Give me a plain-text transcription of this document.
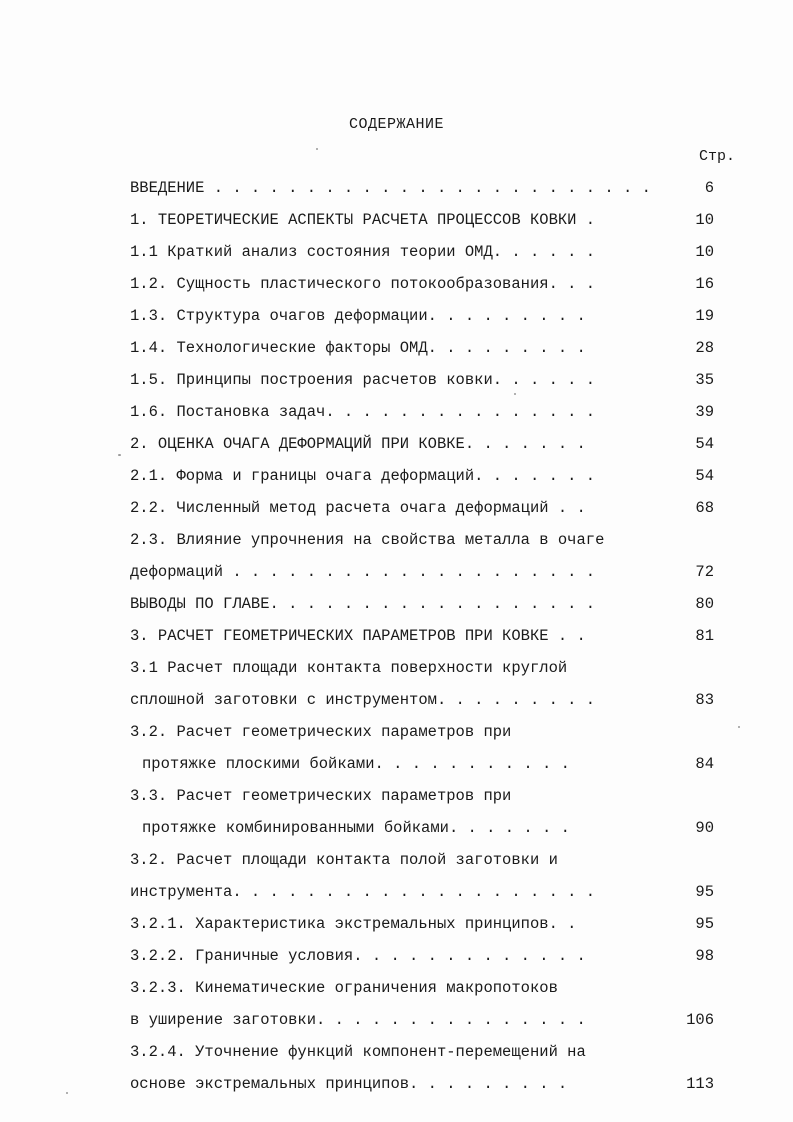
СОДЕРЖАНИЕ
Стр.
ВВЕДЕНИЕ . . . . . . . . . . . . . . . . . . . . . . . .	6
1. ТЕОРЕТИЧЕСКИЕ АСПЕКТЫ РАСЧЕТА ПРОЦЕССОВ КОВКИ .	10
1.1 Краткий анализ состояния теории ОМД. . . . . .	10
1.2. Сущность пластического потокообразования. . .	16
1.3. Структура очагов деформации. . . . . . . . .	19
1.4. Технологические факторы ОМД. . . . . . . . .	28
1.5. Принципы построения расчетов ковки. . . . . .	35
1.6. Постановка задач. . . . . . . . . . . . . . .	39
2. ОЦЕНКА ОЧАГА ДЕФОРМАЦИЙ ПРИ КОВКЕ. . . . . . .	54
2.1. Форма и границы очага деформаций. . . . . . .	54
2.2. Численный метод расчета очага деформаций . .	68
2.3. Влияние упрочнения на свойства металла в очаге
деформаций . . . . . . . . . . . . . . . . . . . .	72
ВЫВОДЫ ПО ГЛАВЕ. . . . . . . . . . . . . . . . . .	80
3. РАСЧЕТ ГЕОМЕТРИЧЕСКИХ ПАРАМЕТРОВ ПРИ КОВКЕ . .	81
3.1 Расчет площади контакта поверхности круглой
сплошной заготовки с инструментом. . . . . . . . .	83
3.2. Расчет геометрических параметров при
протяжке плоскими бойками. . . . . . . . . . .	84
3.3. Расчет геометрических параметров при
протяжке комбинированными бойками. . . . . . .	90
3.2. Расчет площади контакта полой заготовки и
инструмента. . . . . . . . . . . . . . . . . . . .	95
3.2.1. Характеристика экстремальных принципов. .	95
3.2.2. Граничные условия. . . . . . . . . . . . .	98
3.2.3. Кинематические ограничения макропотоков
в уширение заготовки. . . . . . . . . . . . . . .	106
3.2.4. Уточнение функций компонент-перемещений на
основе экстремальных принципов. . . . . . . . .	113
